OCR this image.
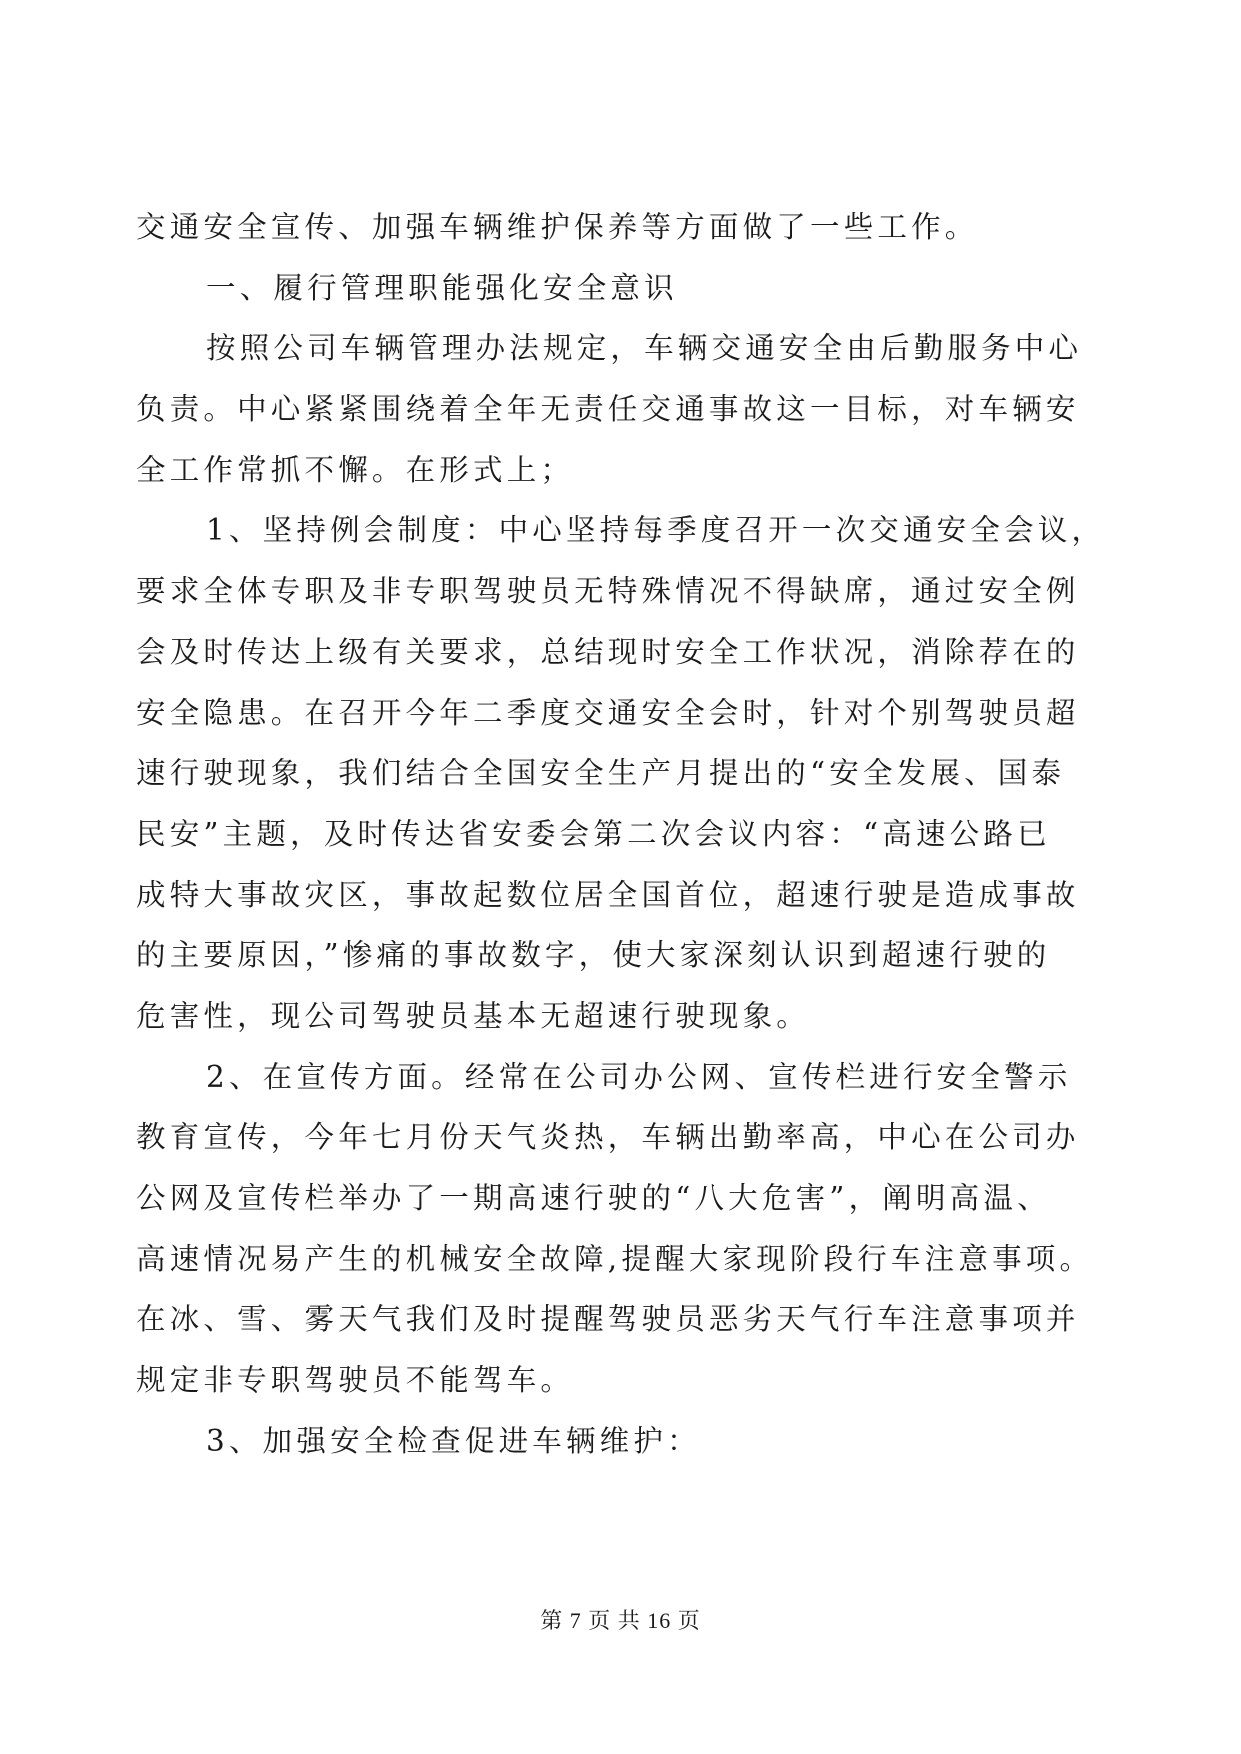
交通安全宣传、加强车辆维护保养等方面做了一些工作。
一、履行管理职能强化安全意识
按照公司车辆管理办法规定，车辆交通安全由后勤服务中心
负责。中心紧紧围绕着全年无责任交通事故这一目标，对车辆安
全工作常抓不懈。在形式上；
1、坚持例会制度：中心坚持每季度召开一次交通安全会议，
要求全体专职及非专职驾驶员无特殊情况不得缺席，通过安全例
会及时传达上级有关要求，总结现时安全工作状况，消除荐在的
安全隐患。在召开今年二季度交通安全会时，针对个别驾驶员超
速行驶现象，我们结合全国安全生产月提出的“安全发展、国泰
民安”主题，及时传达省安委会第二次会议内容：“高速公路已
成特大事故灾区，事故起数位居全国首位，超速行驶是造成事故
的主要原因，”惨痛的事故数字，使大家深刻认识到超速行驶的
危害性，现公司驾驶员基本无超速行驶现象。
2、在宣传方面。经常在公司办公网、宣传栏进行安全警示
教育宣传，今年七月份天气炎热，车辆出勤率高，中心在公司办
公网及宣传栏举办了一期高速行驶的“八大危害”，阐明高温、
高速情况易产生的机械安全故障,提醒大家现阶段行车注意事项。
在冰、雪、雾天气我们及时提醒驾驶员恶劣天气行车注意事项并
规定非专职驾驶员不能驾车。
3、加强安全检查促进车辆维护：
第 7 页 共 16 页
